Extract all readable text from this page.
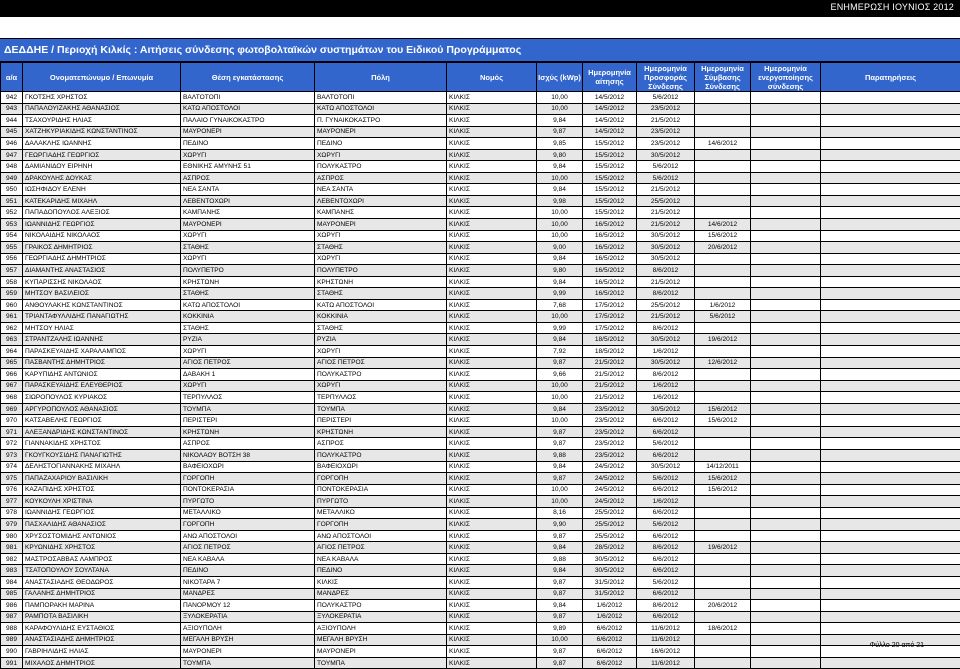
ΕΝΗΜΕΡΩΣΗ ΙΟΥΝΙΟΣ 2012
ΔΕΔΔΗΕ / Περιοχή Κιλκίς : Αιτήσεις σύνδεσης φωτοβολταϊκών συστημάτων του Ειδικού Προγράμματος
α/α	Ονοματεπώνυμο / Επωνυμία	Θέση εγκατάστασης	Πόλη	Νομός	Ισχύς (kWp)	Ημερομηνία αίτησης	Ημερομηνία Προσφοράς Σύνδεσης	Ημερομηνία Σύμβασης Σύνδεσης	Ημερομηνία ενεργοποίησης σύνδεσης	Παρατηρήσεις
942	ΓΚΟΤΣΗΣ ΧΡΗΣΤΟΣ	ΒΑΛΤΟΤΟΠΙ	ΒΑΛΤΟΤΟΠΙ	ΚΙΛΚΙΣ	10,00	14/5/2012	5/6/2012			
943	ΠΑΠΑΛΟΥΙΖΑΚΗΣ ΑΘΑΝΑΣΙΟΣ	ΚΑΤΩ ΑΠΟΣΤΟΛΟΙ	ΚΑΤΩ ΑΠΟΣΤΟΛΟΙ	ΚΙΛΚΙΣ	10,00	14/5/2012	23/5/2012			
944	ΤΣΑΧΟΥΡΙΔΗΣ ΗΛΙΑΣ	ΠΑΛΑΙΟ ΓΥΝΑΙΚΟΚΑΣΤΡΟ	Π. ΓΥΝΑΙΚΟΚΑΣΤΡΟ	ΚΙΛΚΙΣ	9,84	14/5/2012	21/5/2012			
945	ΧΑΤΖΗΚΥΡΙΑΚΙΔΗΣ ΚΩΝΣΤΑΝΤΙΝΟΣ	ΜΑΥΡΟΝΕΡΙ	ΜΑΥΡΟΝΕΡΙ	ΚΙΛΚΙΣ	9,87	14/5/2012	23/5/2012			
946	ΔΑΛΑΚΛΗΣ ΙΩΑΝΝΗΣ	ΠΕΔΙΝΟ	ΠΕΔΙΝΟ	ΚΙΛΚΙΣ	9,85	15/5/2012	23/5/2012	14/6/2012		
947	ΓΕΩΡΓΙΑΔΗΣ ΓΕΩΡΓΙΟΣ	ΧΩΡΥΓΙ	ΧΩΡΥΓΙ	ΚΙΛΚΙΣ	9,80	15/5/2012	30/5/2012			
948	ΔΑΜΙΑΝΙΔΟΥ ΕΙΡΗΝΗ	ΕΘΝΙΚΗΣ ΑΜΥΝΗΣ 51	ΠΟΛΥΚΑΣΤΡΟ	ΚΙΛΚΙΣ	9,84	15/5/2012	5/6/2012			
949	ΔΡΑΚΟΥΛΗΣ ΔΟΥΚΑΣ	ΑΣΠΡΟΣ	ΑΣΠΡΟΣ	ΚΙΛΚΙΣ	10,00	15/5/2012	5/6/2012			
950	ΙΩΣΗΦΙΔΟΥ ΕΛΕΝΗ	ΝΕΑ ΣΑΝΤΑ	ΝΕΑ ΣΑΝΤΑ	ΚΙΛΚΙΣ	9,84	15/5/2012	21/5/2012			
951	ΚΑΤΕΚΑΡΙΔΗΣ ΜΙΧΑΗΛ	ΛΕΒΕΝΤΟΧΩΡΙ	ΛΕΒΕΝΤΟΧΩΡΙ	ΚΙΛΚΙΣ	9,98	15/5/2012	25/5/2012			
952	ΠΑΠΑΔΟΠΟΥΛΟΣ ΑΛΕΞΙΟΣ	ΚΑΜΠΑΝΗΣ	ΚΑΜΠΑΝΗΣ	ΚΙΛΚΙΣ	10,00	15/5/2012	21/5/2012			
953	ΙΩΑΝΝΙΔΗΣ ΓΕΩΡΓΙΟΣ	ΜΑΥΡΟΝΕΡΙ	ΜΑΥΡΟΝΕΡΙ	ΚΙΛΚΙΣ	10,00	16/5/2012	21/5/2012	14/6/2012		
954	ΝΙΚΟΛΑΙΔΗΣ ΝΙΚΟΛΑΟΣ	ΧΩΡΥΓΙ	ΧΩΡΥΓΙ	ΚΙΛΚΙΣ	10,00	16/5/2012	30/5/2012	15/6/2012		
955	ΓΡΑΙΚΟΣ ΔΗΜΗΤΡΙΟΣ	ΣΤΑΘΗΣ	ΣΤΑΘΗΣ	ΚΙΛΚΙΣ	9,00	16/5/2012	30/5/2012	20/6/2012		
956	ΓΕΩΡΓΙΑΔΗΣ ΔΗΜΗΤΡΙΟΣ	ΧΩΡΥΓΙ	ΧΩΡΥΓΙ	ΚΙΛΚΙΣ	9,84	16/5/2012	30/5/2012			
957	ΔΙΑΜΑΝΤΗΣ ΑΝΑΣΤΑΣΙΟΣ	ΠΟΛΥΠΕΤΡΟ	ΠΟΛΥΠΕΤΡΟ	ΚΙΛΚΙΣ	9,80	16/5/2012	8/6/2012			
958	ΚΥΠΑΡΙΣΣΗΣ ΝΙΚΟΛΑΟΣ	ΚΡΗΣΤΩΝΗ	ΚΡΗΣΤΩΝΗ	ΚΙΛΚΙΣ	9,84	16/5/2012	21/5/2012			
959	ΜΗΤΣΟΥ ΒΑΣΙΛΕΙΟΣ	ΣΤΑΘΗΣ	ΣΤΑΘΗΣ	ΚΙΛΚΙΣ	9,99	16/5/2012	8/6/2012			
960	ΑΝΘΟΥΛΑΚΗΣ ΚΩΝΣΤΑΝΤΙΝΟΣ	ΚΑΤΩ ΑΠΟΣΤΟΛΟΙ	ΚΑΤΩ ΑΠΟΣΤΟΛΟΙ	ΚΙΛΚΙΣ	7,68	17/5/2012	25/5/2012	1/6/2012		
961	ΤΡΙΑΝΤΑΦΥΛΛΙΔΗΣ ΠΑΝΑΓΙΩΤΗΣ	ΚΟΚΚΙΝΙΑ	ΚΟΚΚΙΝΙΑ	ΚΙΛΚΙΣ	10,00	17/5/2012	21/5/2012	5/6/2012		
962	ΜΗΤΣΟΥ ΗΛΙΑΣ	ΣΤΑΘΗΣ	ΣΤΑΘΗΣ	ΚΙΛΚΙΣ	9,99	17/5/2012	8/6/2012			
963	ΣΤΡΑΝΤΖΑΛΗΣ ΙΩΑΝΝΗΣ	ΡΥΖΙΑ	ΡΥΖΙΑ	ΚΙΛΚΙΣ	9,84	18/5/2012	30/5/2012	19/6/2012		
964	ΠΑΡΑΣΚΕΥΑΙΔΗΣ ΧΑΡΑΛΑΜΠΟΣ	ΧΩΡΥΓΙ	ΧΩΡΥΓΙ	ΚΙΛΚΙΣ	7,92	18/5/2012	1/6/2012			
965	ΠΑΣΒΑΝΤΗΣ ΔΗΜΗΤΡΙΟΣ	ΑΓΙΟΣ ΠΕΤΡΟΣ	ΑΓΙΟΣ ΠΕΤΡΟΣ	ΚΙΛΚΙΣ	9,87	21/5/2012	30/5/2012	12/6/2012		
966	ΚΑΡΥΠΙΔΗΣ ΑΝΤΩΝΙΟΣ	ΔΑΒΑΚΗ 1	ΠΟΛΥΚΑΣΤΡΟ	ΚΙΛΚΙΣ	9,66	21/5/2012	8/6/2012			
967	ΠΑΡΑΣΚΕΥΑΙΔΗΣ ΕΛΕΥΘΕΡΙΟΣ	ΧΩΡΥΓΙ	ΧΩΡΥΓΙ	ΚΙΛΚΙΣ	10,00	21/5/2012	1/6/2012			
968	ΣΙΩΡΟΠΟΥΛΟΣ ΚΥΡΙΑΚΟΣ	ΤΕΡΠΥΛΛΟΣ	ΤΕΡΠΥΛΛΟΣ	ΚΙΛΚΙΣ	10,00	21/5/2012	1/6/2012			
969	ΑΡΓΥΡΟΠΟΥΛΟΣ ΑΘΑΝΑΣΙΟΣ	ΤΟΥΜΠΑ	ΤΟΥΜΠΑ	ΚΙΛΚΙΣ	9,84	23/5/2012	30/5/2012	15/6/2012		
970	ΚΑΤΣΑΒΕΛΗΣ ΓΕΩΡΓΙΟΣ	ΠΕΡΙΣΤΕΡΙ	ΠΕΡΙΣΤΕΡΙ	ΚΙΛΚΙΣ	10,00	23/5/2012	6/6/2012	15/6/2012		
971	ΑΛΕΞΑΝΔΡΙΔΗΣ ΚΩΝΣΤΑΝΤΙΝΟΣ	ΚΡΗΣΤΩΝΗ	ΚΡΗΣΤΩΝΗ	ΚΙΛΚΙΣ	9,87	23/5/2012	6/6/2012			
972	ΓΙΑΝΝΑΚΙΔΗΣ ΧΡΗΣΤΟΣ	ΑΣΠΡΟΣ	ΑΣΠΡΟΣ	ΚΙΛΚΙΣ	9,87	23/5/2012	5/6/2012			
973	ΓΚΟΥΓΚΟΥΣΙΔΗΣ ΠΑΝΑΓΙΩΤΗΣ	ΝΙΚΟΛΑΟΥ ΒΟΤΣΗ 38	ΠΟΛΥΚΑΣΤΡΟ	ΚΙΛΚΙΣ	9,88	23/5/2012	6/6/2012			
974	ΔΕΛΗΣΤΟΓΙΑΝΝΑΚΗΣ ΜΙΧΑΗΛ	ΒΑΦΕΙΟΧΩΡΙ	ΒΑΦΕΙΟΧΩΡΙ	ΚΙΛΚΙΣ	9,84	24/5/2012	30/5/2012	14/12/2011		
975	ΠΑΠΑΖΑΧΑΡΙΟΥ ΒΑΣΙΛΙΚΗ	ΓΟΡΓΟΠΗ	ΓΟΡΓΟΠΗ	ΚΙΛΚΙΣ	9,87	24/5/2012	5/6/2012	15/6/2012		
976	ΚΑΖΑΠΙΔΗΣ ΧΡΗΣΤΟΣ	ΠΟΝΤΟΚΕΡΑΣΙΑ	ΠΟΝΤΟΚΕΡΑΣΙΑ	ΚΙΛΚΙΣ	10,00	24/5/2012	6/6/2012	15/6/2012		
977	ΚΟΥΚΟΥΛΗ ΧΡΙΣΤΙΝΑ	ΠΥΡΓΩΤΟ	ΠΥΡΓΩΤΟ	ΚΙΛΚΙΣ	10,00	24/5/2012	1/6/2012			
978	ΙΩΑΝΝΙΔΗΣ ΓΕΩΡΓΙΟΣ	ΜΕΤΑΛΛΙΚΟ	ΜΕΤΑΛΛΙΚΟ	ΚΙΛΚΙΣ	8,16	25/5/2012	6/6/2012			
979	ΠΑΣΧΑΛΙΔΗΣ ΑΘΑΝΑΣΙΟΣ	ΓΟΡΓΟΠΗ	ΓΟΡΓΟΠΗ	ΚΙΛΚΙΣ	9,90	25/5/2012	5/6/2012			
980	ΧΡΥΣΟΣΤΟΜΙΔΗΣ ΑΝΤΩΝΙΟΣ	ΑΝΩ ΑΠΟΣΤΟΛΟΙ	ΑΝΩ ΑΠΟΣΤΟΛΟΙ	ΚΙΛΚΙΣ	9,87	25/5/2012	6/6/2012			
981	ΚΡΥΩΝΙΔΗΣ ΧΡΗΣΤΟΣ	ΑΓΙΟΣ ΠΕΤΡΟΣ	ΑΓΙΟΣ ΠΕΤΡΟΣ	ΚΙΛΚΙΣ	9,84	28/5/2012	8/6/2012	19/6/2012		
982	ΜΑΣΤΡΟΣΑΒΒΑΣ ΛΑΜΠΡΟΣ	ΝΕΑ ΚΑΒΑΛΑ	ΝΕΑ ΚΑΒΑΛΑ	ΚΙΛΚΙΣ	9,88	30/5/2012	6/6/2012			
983	ΤΣΑΤΟΠΟΥΛΟΥ ΣΟΥΛΤΑΝΑ	ΠΕΔΙΝΟ	ΠΕΔΙΝΟ	ΚΙΛΚΙΣ	9,84	30/5/2012	6/6/2012			
984	ΑΝΑΣΤΑΣΙΑΔΗΣ ΘΕΟΔΩΡΟΣ	ΝΙΚΟΤΑΡΑ 7	ΚΙΛΚΙΣ	ΚΙΛΚΙΣ	9,87	31/5/2012	5/6/2012			
985	ΓΑΛΑΝΗΣ ΔΗΜΗΤΡΙΟΣ	ΜΑΝΔΡΕΣ	ΜΑΝΔΡΕΣ	ΚΙΛΚΙΣ	9,87	31/5/2012	6/6/2012			
986	ΠΑΜΠΟΡΑΚΗ ΜΑΡΙΝΑ	ΠΑΝΟΡΜΟΥ 12	ΠΟΛΥΚΑΣΤΡΟ	ΚΙΛΚΙΣ	9,84	1/6/2012	8/6/2012	20/6/2012		
987	ΡΑΜΠΟΤΑ ΒΑΣΙΛΙΚΗ	ΞΥΛΟΚΕΡΑΤΙΑ	ΞΥΛΟΚΕΡΑΤΙΑ	ΚΙΛΚΙΣ	9,87	1/6/2012	6/6/2012			
988	ΚΑΡΑΦΟΥΛΙΔΗΣ ΕΥΣΤΑΘΙΟΣ	ΑΞΙΟΥΠΟΛΗ	ΑΞΙΟΥΠΟΛΗ	ΚΙΛΚΙΣ	9,89	6/6/2012	11/6/2012	18/6/2012		
989	ΑΝΑΣΤΑΣΙΑΔΗΣ ΔΗΜΗΤΡΙΟΣ	ΜΕΓΑΛΗ ΒΡΥΣΗ	ΜΕΓΑΛΗ ΒΡΥΣΗ	ΚΙΛΚΙΣ	10,00	6/6/2012	11/6/2012			
990	ΓΑΒΡΙΗΛΙΔΗΣ ΗΛΙΑΣ	ΜΑΥΡΟΝΕΡΙ	ΜΑΥΡΟΝΕΡΙ	ΚΙΛΚΙΣ	9,87	6/6/2012	16/6/2012			
991	ΜΙΧΑΛΟΣ ΔΗΜΗΤΡΙΟΣ	ΤΟΥΜΠΑ	ΤΟΥΜΠΑ	ΚΙΛΚΙΣ	9,87	6/6/2012	11/6/2012			
Φύλλο 20 από 21
